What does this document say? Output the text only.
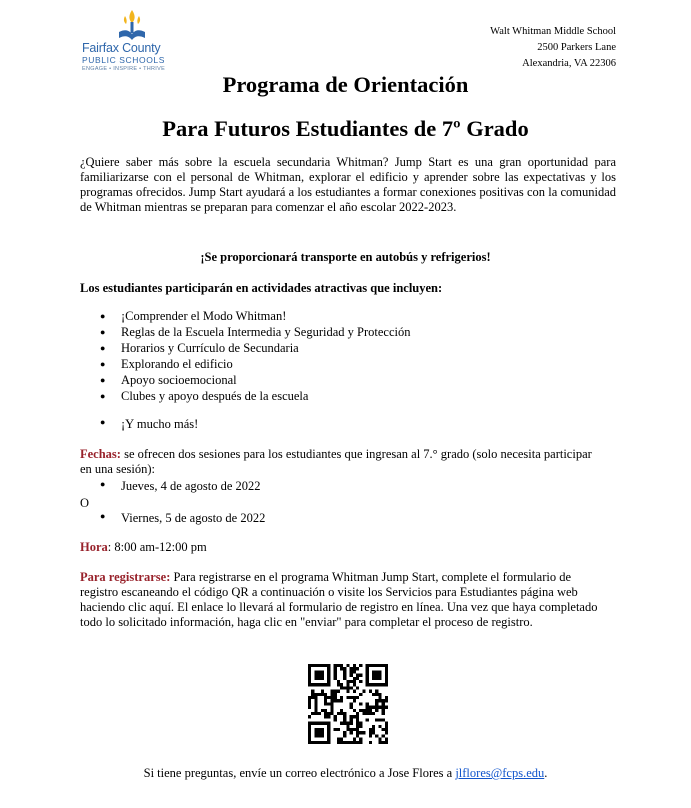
Fairfax County
PUBLIC SCHOOLS
ENGAGE • INSPIRE • THRIVE
Walt Whitman Middle School
2500 Parkers Lane
Alexandria, VA 22306
Programa de Orientación
Para Futuros Estudiantes de 7º Grado
¿Quiere saber más sobre la escuela secundaria Whitman? Jump Start es una gran oportunidad para familiarizarse con el personal de Whitman, explorar el edificio y aprender sobre las expectativas y los programas ofrecidos. Jump Start ayudará a los estudiantes a formar conexiones positivas con la comunidad de Whitman mientras se preparan para comenzar el año escolar 2022-2023.
¡Se proporcionará transporte en autobús y refrigerios!
Los estudiantes participarán en actividades atractivas que incluyen:
● ¡Comprender el Modo Whitman!
● Reglas de la Escuela Intermedia y Seguridad y Protección
● Horarios y Currículo de Secundaria
● Explorando el edificio
● Apoyo socioemocional
● Clubes y apoyo después de la escuela
● ¡Y mucho más!
Fechas: se ofrecen dos sesiones para los estudiantes que ingresan al 7.° grado (solo necesita participar en una sesión):
● Jueves, 4 de agosto de 2022
O
● Viernes, 5 de agosto de 2022
Hora: 8:00 am-12:00 pm
Para registrarse: Para registrarse en el programa Whitman Jump Start, complete el formulario de registro escaneando el código QR a continuación o visite los Servicios para Estudiantes página web haciendo clic aquí. El enlace lo llevará al formulario de registro en línea. Una vez que haya completado todo lo solicitado información, haga clic en "enviar" para completar el proceso de registro.
Si tiene preguntas, envíe un correo electrónico a Jose Flores a jlflores@fcps.edu.
